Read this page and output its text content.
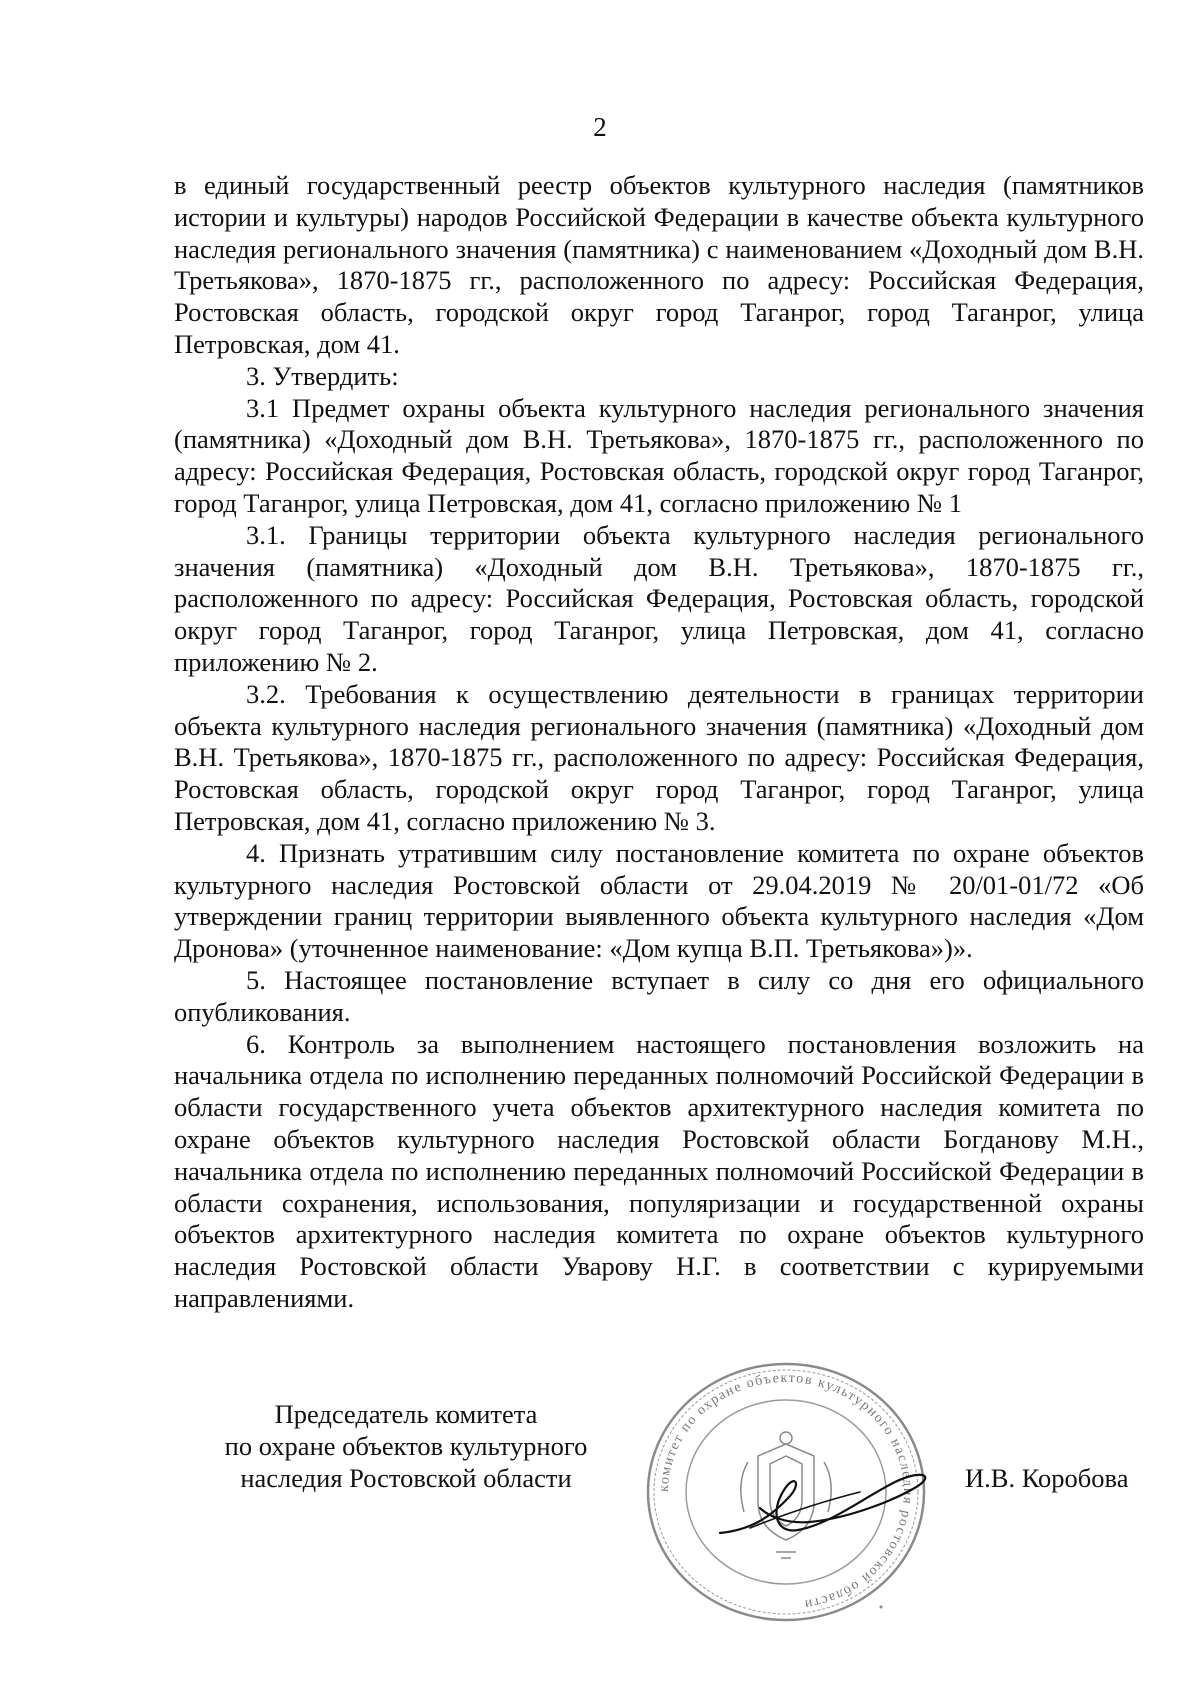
2

в единый государственный реестр объектов культурного наследия (памятников истории и культуры) народов Российской Федерации в качестве объекта культурного наследия регионального значения (памятника) с наименованием «Доходный дом В.Н. Третьякова», 1870-1875 гг., расположенного по адресу: Российская Федерация, Ростовская область, городской округ город Таганрог, город Таганрог, улица Петровская, дом 41.

3. Утвердить:

3.1 Предмет охраны объекта культурного наследия регионального значения (памятника) «Доходный дом В.Н. Третьякова», 1870-1875 гг., расположенного по адресу: Российская Федерация, Ростовская область, городской округ город Таганрог, город Таганрог, улица Петровская, дом 41, согласно приложению № 1

3.1. Границы территории объекта культурного наследия регионального значения (памятника) «Доходный дом В.Н. Третьякова», 1870-1875 гг., расположенного по адресу: Российская Федерация, Ростовская область, городской округ город Таганрог, город Таганрог, улица Петровская, дом 41, согласно приложению № 2.

3.2. Требования к осуществлению деятельности в границах территории объекта культурного наследия регионального значения (памятника) «Доходный дом В.Н. Третьякова», 1870-1875 гг., расположенного по адресу: Российская Федерация, Ростовская область, городской округ город Таганрог, город Таганрог, улица Петровская, дом 41, согласно приложению № 3.

4. Признать утратившим силу постановление комитета по охране объектов культурного наследия Ростовской области от 29.04.2019 № 20/01-01/72 «Об утверждении границ территории выявленного объекта культурного наследия «Дом Дронова» (уточненное наименование: «Дом купца В.П. Третьякова»)».

5. Настоящее постановление вступает в силу со дня его официального опубликования.

6. Контроль за выполнением настоящего постановления возложить на начальника отдела по исполнению переданных полномочий Российской Федерации в области государственного учета объектов архитектурного наследия комитета по охране объектов культурного наследия Ростовской области Богданову М.Н., начальника отдела по исполнению переданных полномочий Российской Федерации в области сохранения, использования, популяризации и государственной охраны объектов архитектурного наследия комитета по охране объектов культурного наследия Ростовской области Уварову Н.Г. в соответствии с курируемыми направлениями.

Председатель комитета
по охране объектов культурного
наследия Ростовской области	комитет по охране объектов культурного наследия ростовской области
И.В. Коробова
